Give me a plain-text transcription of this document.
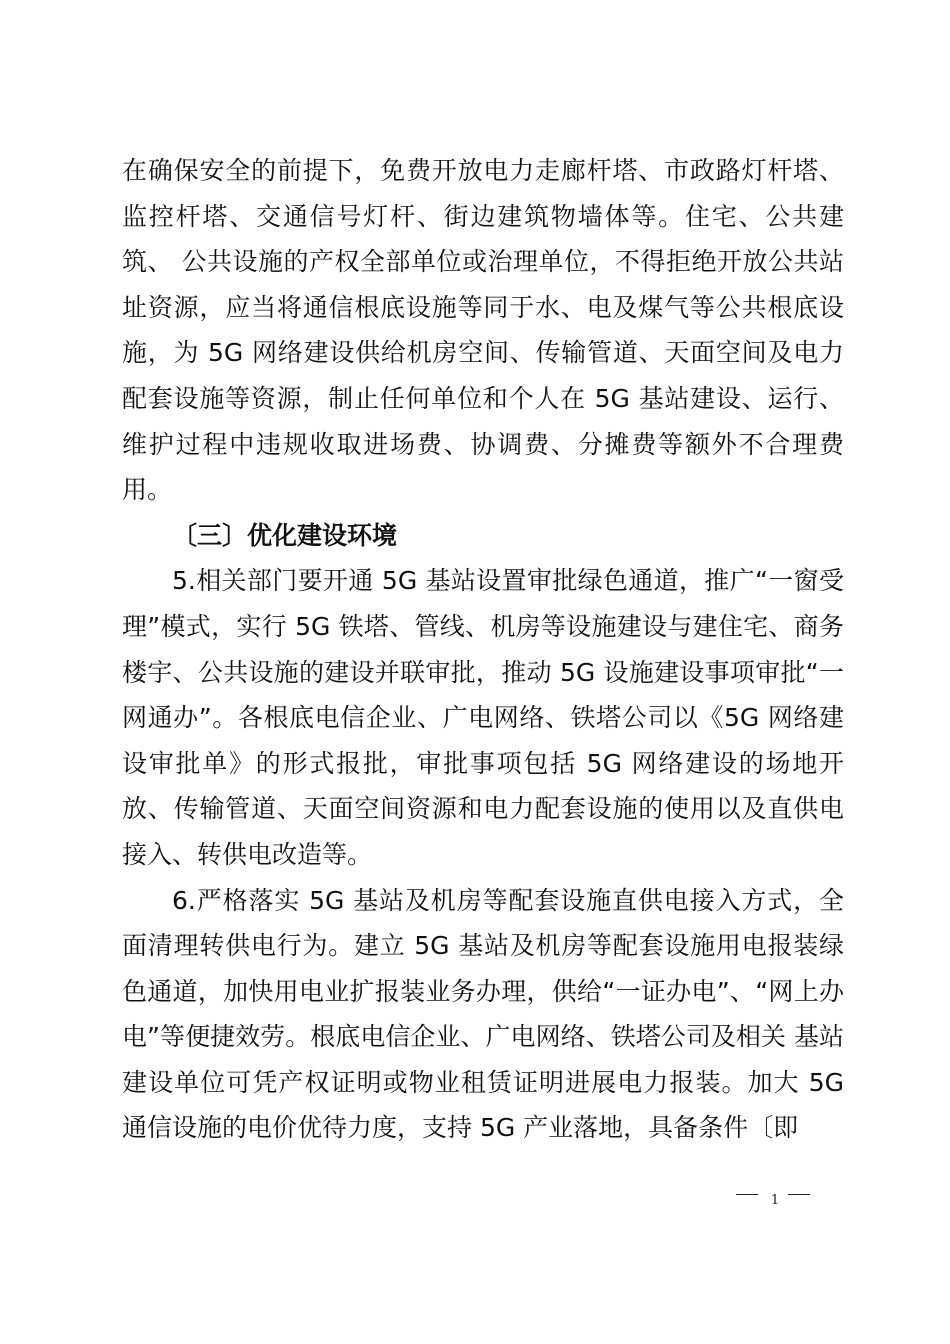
在确保安全的前提下，免费开放电力走廊杆塔、市政路灯杆塔、监控杆塔、交通信号灯杆、街边建筑物墙体等。住宅、公共建筑、 公共设施的产权全部单位或治理单位，不得拒绝开放公共站址资源，应当将通信根底设施等同于水、电及煤气等公共根底设施，为 5G 网络建设供给机房空间、传输管道、天面空间及电力配套设施等资源，制止任何单位和个人在 5G 基站建设、运行、维护过程中违规收取进场费、协调费、分摊费等额外不合理费用。

〔三〕优化建设环境

5.相关部门要开通 5G 基站设置审批绿色通道，推广“一窗受理”模式，实行 5G 铁塔、管线、机房等设施建设与建住宅、商务楼宇、公共设施的建设并联审批，推动 5G 设施建设事项审批“一网通办”。各根底电信企业、广电网络、铁塔公司以《5G 网络建设审批单》的形式报批，审批事项包括 5G 网络建设的场地开放、传输管道、天面空间资源和电力配套设施的使用以及直供电接入、转供电改造等。

6.严格落实 5G 基站及机房等配套设施直供电接入方式，全面清理转供电行为。建立 5G 基站及机房等配套设施用电报装绿色通道，加快用电业扩报装业务办理，供给“一证办电”、“网上办电”等便捷效劳。根底电信企业、广电网络、铁塔公司及相关 基站建设单位可凭产权证明或物业租赁证明进展电力报装。加大 5G 通信设施的电价优待力度，支持 5G 产业落地，具备条件〔即

1
